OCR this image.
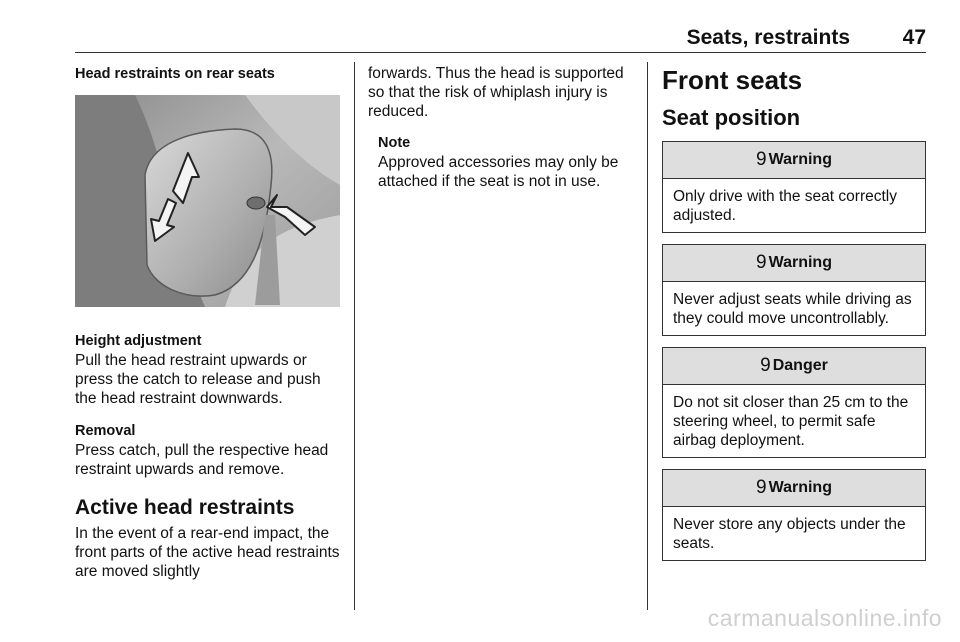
Seats, restraints	47

Head restraints on rear seats

Height adjustment

Pull the head restraint upwards or press the catch to release and push the head restraint downwards.

Removal

Press catch, pull the respective head restraint upwards and remove.

Active head restraints

In the event of a rear-end impact, the front parts of the active head restraints are moved slightly

forwards. Thus the head is supported so that the risk of whiplash injury is reduced.

Note

Approved accessories may only be attached if the seat is not in use.

Front seats

Seat position

9 Warning
Only drive with the seat correctly adjusted.
9 Warning
Never adjust seats while driving as they could move uncontrollably.
9 Danger
Do not sit closer than 25 cm to the steering wheel, to permit safe airbag deployment.
9 Warning
Never store any objects under the seats.
carmanualsonline.info
